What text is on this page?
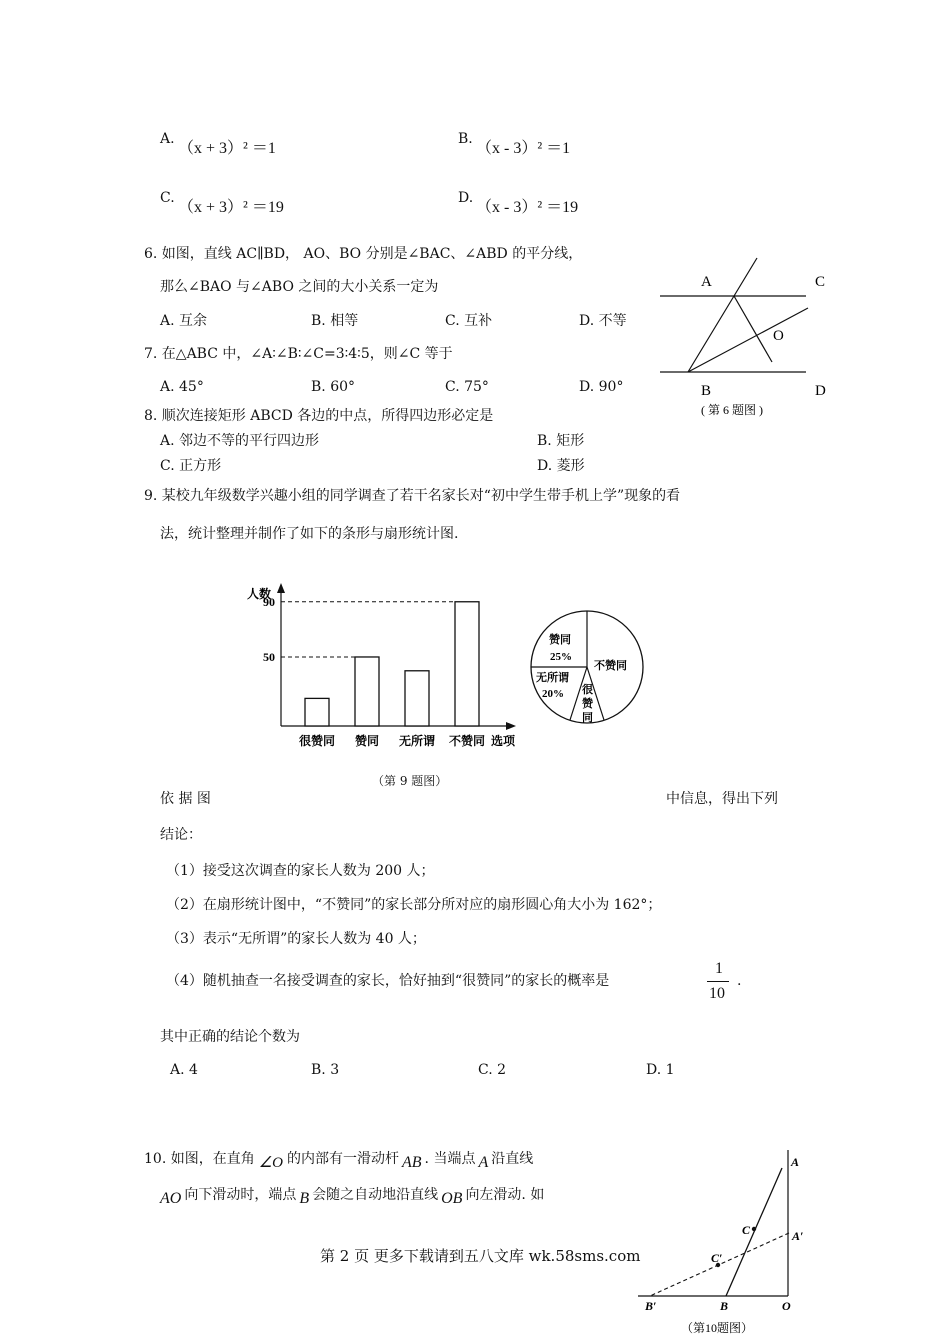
A.
（x + 3）² ＝1
B.
（x - 3）² ＝1
C.
（x + 3）² ＝19
D.
（x - 3）² ＝19
6. 如图，直线 AC∥BD， AO、BO 分别是∠BAC、∠ABD 的平分线，
那么∠BAO 与∠ABO 之间的大小关系一定为
A. 互余	B. 相等	C. 互补	D. 不等
A	C
O
B	D
( 第 6 题图 )
7. 在△ABC 中，∠A∶∠B∶∠C=3∶4∶5，则∠C 等于
A. 45°	B. 60°	C. 75°	D. 90°
8. 顺次连接矩形 ABCD 各边的中点，所得四边形必定是
A. 邻边不等的平行四边形	B. 矩形
C. 正方形	D. 菱形
9. 某校九年级数学兴趣小组的同学调查了若干名家长对“初中学生带手机上学”现象的看
法，统计整理并制作了如下的条形与扇形统计图.
人数
选项
很赞同 赞同 无所谓 不赞同
50
90
赞同
25%
不赞同
无所谓
20% 很
赞
同
（第 9 题图）
依 据 图	中信息，得出下列
结论：
（1）接受这次调查的家长人数为 200 人；
（2）在扇形统计图中，“不赞同”的家长部分所对应的扇形圆心角大小为 162°；
（3）表示“无所谓”的家长人数为 40 人；
（4）随机抽查一名接受调查的家长，恰好抽到“很赞同”的家长的概率是
1
10
.
其中正确的结论个数为
A. 4	B. 3	C. 2	D. 1
10. 如图，在直角 ∠O 的内部有一滑动杆 AB . 当端点 A 沿直线
AO 向下滑动时，端点 B 会随之自动地沿直线 OB 向左滑动. 如
A
A′
C
C′
B
B′	O
（第10题图）
第 2 页 更多下载请到五八文库 wk.58sms.com
